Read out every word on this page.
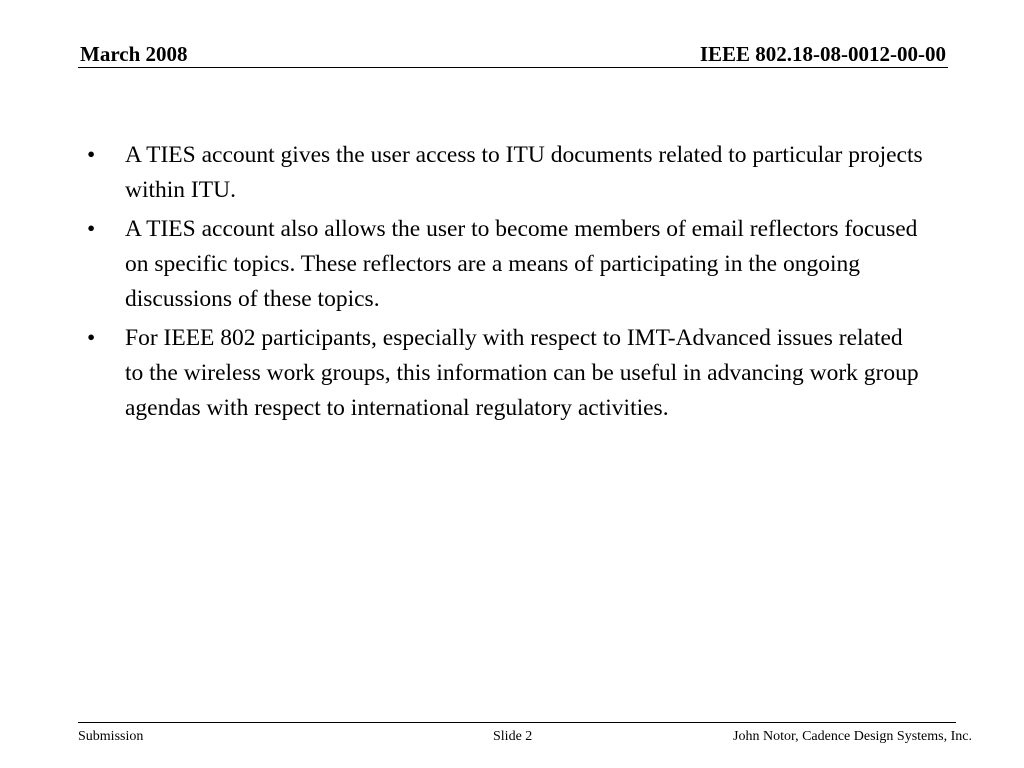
March 2008	IEEE 802.18-08-0012-00-00
• A TIES account gives the user access to ITU documents related to particular projects within ITU.
• A TIES account also allows the user to become members of email reflectors focused on specific topics. These reflectors are a means of participating in the ongoing discussions of these topics.
• For IEEE 802 participants, especially with respect to IMT-Advanced issues related to the wireless work groups, this information can be useful in advancing work group agendas with respect to international regulatory activities.
Submission	Slide 2	John Notor, Cadence Design Systems, Inc.
